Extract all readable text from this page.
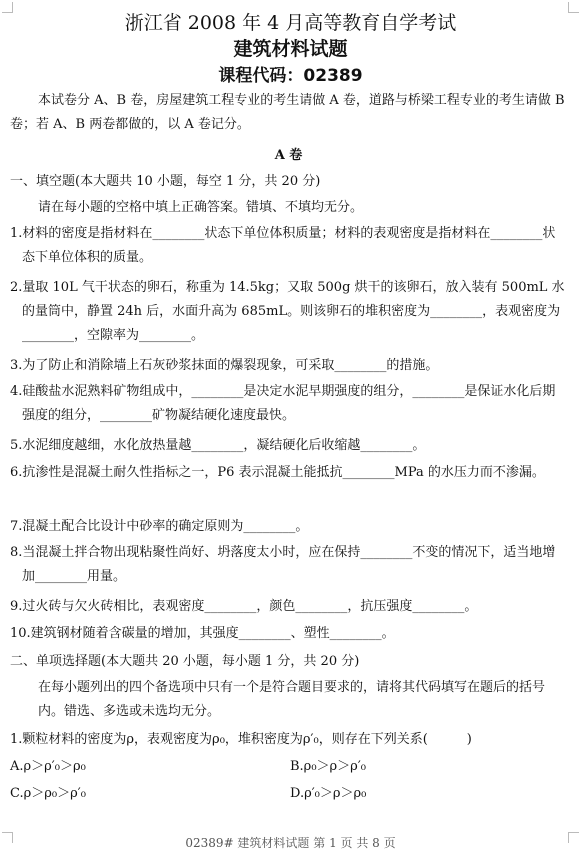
浙江省 2008 年 4 月高等教育自学考试
建筑材料试题
课程代码：02389
本试卷分 A、B 卷，房屋建筑工程专业的考生请做 A 卷，道路与桥梁工程专业的考生请做 B 卷；若 A、B 两卷都做的，以 A 卷记分。
A 卷
一、填空题(本大题共 10 小题，每空 1 分，共 20 分)
请在每小题的空格中填上正确答案。错填、不填均无分。
1.材料的密度是指材料在________状态下单位体积质量；材料的表观密度是指材料在________状态下单位体积的质量。
2.量取 10L 气干状态的卵石，称重为 14.5kg；又取 500g 烘干的该卵石，放入装有 500mL 水的量筒中，静置 24h 后，水面升高为 685mL。则该卵石的堆积密度为________，表观密度为________，空隙率为________。
3.为了防止和消除墙上石灰砂浆抹面的爆裂现象，可采取________的措施。
4.硅酸盐水泥熟料矿物组成中，________是决定水泥早期强度的组分，________是保证水化后期强度的组分，________矿物凝结硬化速度最快。
5.水泥细度越细，水化放热量越________，凝结硬化后收缩越________。
6.抗渗性是混凝土耐久性指标之一，P6 表示混凝土能抵抗________MPa 的水压力而不渗漏。
7.混凝土配合比设计中砂率的确定原则为________。
8.当混凝土拌合物出现粘聚性尚好、坍落度太小时，应在保持________不变的情况下，适当地增加________用量。
9.过火砖与欠火砖相比，表观密度________，颜色________，抗压强度________。
10.建筑钢材随着含碳量的增加，其强度________、塑性________。
二、单项选择题(本大题共 20 小题，每小题 1 分，共 20 分)
在每小题列出的四个备选项中只有一个是符合题目要求的，请将其代码填写在题后的括号内。错选、多选或未选均无分。
1.颗粒材料的密度为ρ，表观密度为ρ₀，堆积密度为ρ′₀，则存在下列关系(　　　)
A.ρ＞ρ′₀＞ρ₀	B.ρ₀＞ρ＞ρ′₀
C.ρ＞ρ₀＞ρ′₀	D.ρ′₀＞ρ＞ρ₀
02389# 建筑材料试题 第 1 页 共 8 页
